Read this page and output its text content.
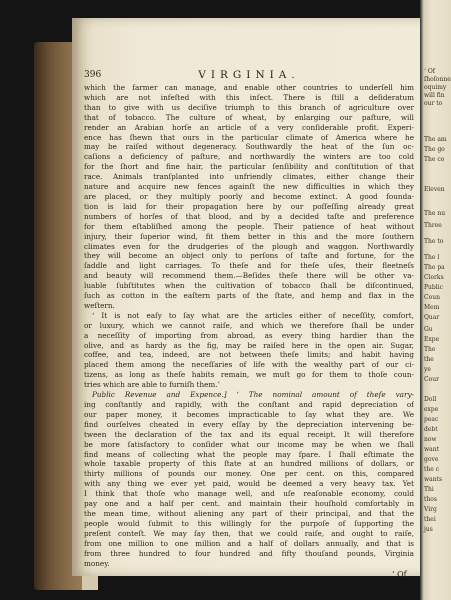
‘ Of
ſhoſonne
oquimy
will fin
our to
The am
The go
The co
Eleven
The nu
Three
The to
The l
The pa
Clerks
Public
Coun
Mem
Quar
Gu
Expe
The
the
ye
Cour
Doll
expe
peac
debt
now
want
gove
the c
wants
Thi
thos
Virg
thei
jus
396	VIRGINIA.
which the farmer can manage, and enable other countries to underſell him
which are not infeſted with this inſect. There is ſtill a deſideratum
than to give with us deciſive triumph to this branch of agriculture over
that of tobacco. The culture of wheat, by enlarging our paſture, will
render an Arabian horſe an article of a very conſiderable profit. Experi-
ence has ſhewn that ours in the particular climate of America where he
may be raiſed without degeneracy. Southwardly the heat of the ſun oc-
caſions a deficiency of paſture, and northwardly the winters are too cold
for the ſhort and fine hair, the particular ſenſibility and conſtitution of that
race. Animals tranſplanted into unfriendly climates, either change their
nature and acquire new fences againſt the new difficulties in which they
are placed, or they multiply poorly and become extinct. A good founda-
tion is laid for their propagation here by our poſſeſſing already great
numbers of horſes of that blood, and by a decided taſte and preference
for them eſtabliſhed among the people. Their patience of heat without
injury, their ſuperior wind, fit them better in this and the more ſouthern
climates even for the drudgeries of the plough and waggon. Northwardly
they will become an object only to perſons of taſte and fortune, for the
ſaddle and light carriages. To theſe and for theſe uſes, their fleetneſs
and beauty will recommend them.—Beſides theſe there will be other va-
luable ſubſtitutes when the cultivation of tobacco ſhall be diſcontinued,
ſuch as cotton in the eaſtern parts of the ſtate, and hemp and flax in the
weſtern.
‘ It is not eaſy to ſay what are the articles either of neceſſity, comfort,
or luxury, which we cannot raiſe, and which we therefore ſhall be under
a neceſſity of importing from abroad, as every thing hardier than the
olive, and as hardy as the fig, may be raiſed here in the open air. Sugar,
coffee, and tea, indeed, are not between theſe limits; and habit having
placed them among the neceſſaries of life with the wealthy part of our ci-
tizens, as long as theſe habits remain, we muſt go for them to thoſe coun-
tries which are able to furniſh them.’
Public Revenue and Expence.] ‘ The nominal amount of theſe vary-
ing conſtantly and rapidly, with the conſtant and rapid depreciation of
our paper money, it becomes impracticable to ſay what they are. We
find ourſelves cheated in every eſſay by the depreciation intervening be-
tween the declaration of the tax and its equal receipt. It will therefore
be more ſatisfactory to conſider what our income may be when we ſhall
find means of collecting what the people may ſpare. I ſhall eſtimate the
whole taxable property of this ſtate at an hundred millions of dollars, or
thirty millions of pounds our money. One per cent. on this, compared
with any thing we ever yet paid, would be deemed a very heavy tax. Yet
I think that thoſe who manage well, and uſe reaſonable economy, could
pay one and a half per cent. and maintain their houſhold comfortably in
the mean time, without aliening any part of their principal, and that the
people would ſubmit to this willingly for the purpoſe of ſupporting the
preſent conteſt. We may ſay then, that we could raiſe, and ought to raiſe,
from one million to one million and a half of dollars annually, and that is
from three hundred to four hundred and fifty thouſand pounds, Virginia
money.
‘ Of
